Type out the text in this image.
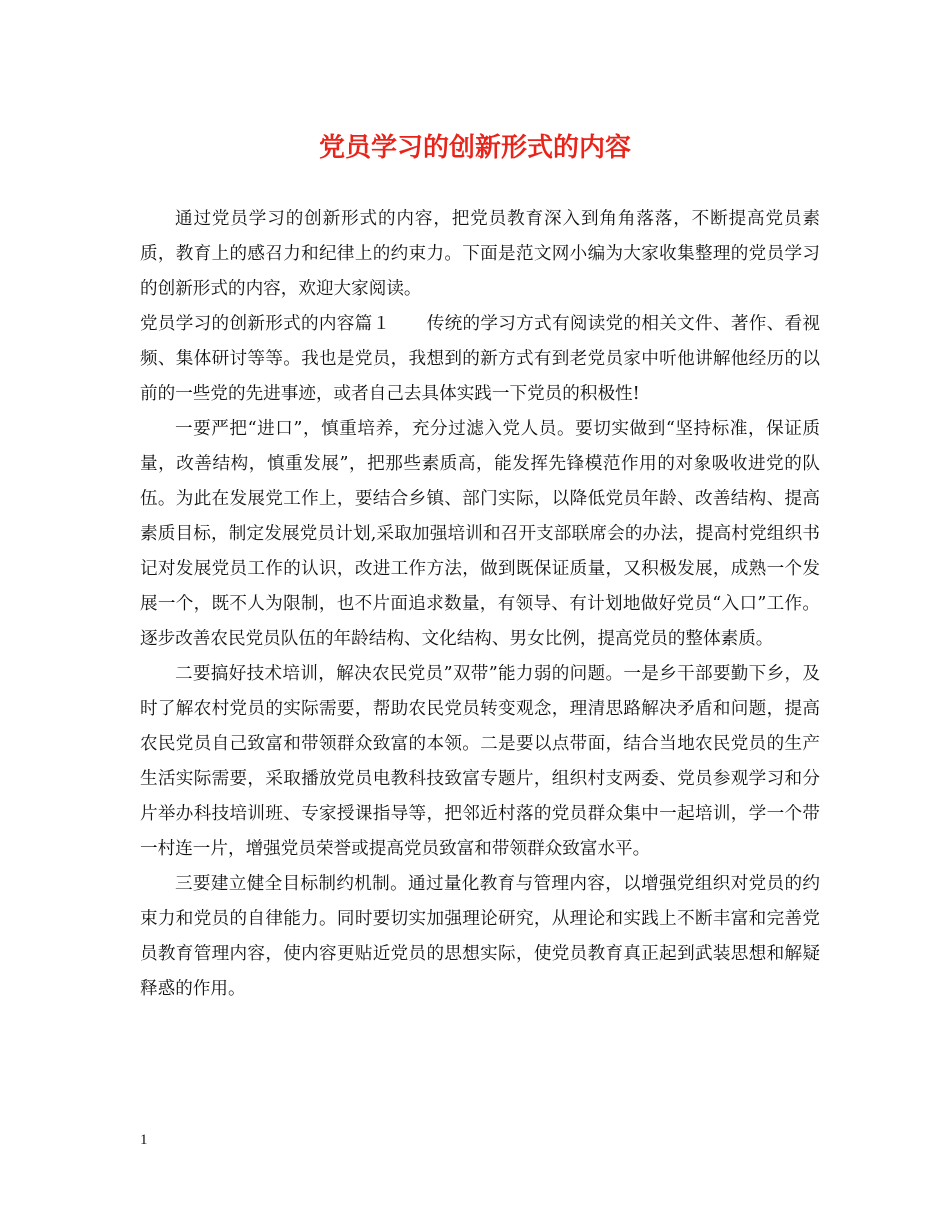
党员学习的创新形式的内容

通过党员学习的创新形式的内容，把党员教育深入到角角落落，不断提高党员素质，教育上的感召力和纪律上的约束力。下面是范文网小编为大家收集整理的党员学习的创新形式的内容，欢迎大家阅读。

党员学习的创新形式的内容篇１ 传统的学习方式有阅读党的相关文件、著作、看视频、集体研讨等等。我也是党员，我想到的新方式有到老党员家中听他讲解他经历的以前的一些党的先进事迹，或者自己去具体实践一下党员的积极性!

一要严把“进口”，慎重培养，充分过滤入党人员。要切实做到“坚持标准，保证质量，改善结构，慎重发展”，把那些素质高，能发挥先锋模范作用的对象吸收进党的队伍。为此在发展党工作上，要结合乡镇、部门实际，以降低党员年龄、改善结构、提高素质目标，制定发展党员计划,采取加强培训和召开支部联席会的办法，提高村党组织书记对发展党员工作的认识，改进工作方法，做到既保证质量，又积极发展，成熟一个发展一个，既不人为限制，也不片面追求数量，有领导、有计划地做好党员“入口”工作。逐步改善农民党员队伍的年龄结构、文化结构、男女比例，提高党员的整体素质。

二要搞好技术培训，解决农民党员”双带”能力弱的问题。一是乡干部要勤下乡，及时了解农村党员的实际需要，帮助农民党员转变观念，理清思路解决矛盾和问题，提高农民党员自己致富和带领群众致富的本领。二是要以点带面，结合当地农民党员的生产生活实际需要，采取播放党员电教科技致富专题片，组织村支两委、党员参观学习和分片举办科技培训班、专家授课指导等，把邻近村落的党员群众集中一起培训，学一个带一村连一片，增强党员荣誉或提高党员致富和带领群众致富水平。

三要建立健全目标制约机制。通过量化教育与管理内容，以增强党组织对党员的约束力和党员的自律能力。同时要切实加强理论研究，从理论和实践上不断丰富和完善党员教育管理内容，使内容更贴近党员的思想实际，使党员教育真正起到武装思想和解疑释惑的作用。

1
